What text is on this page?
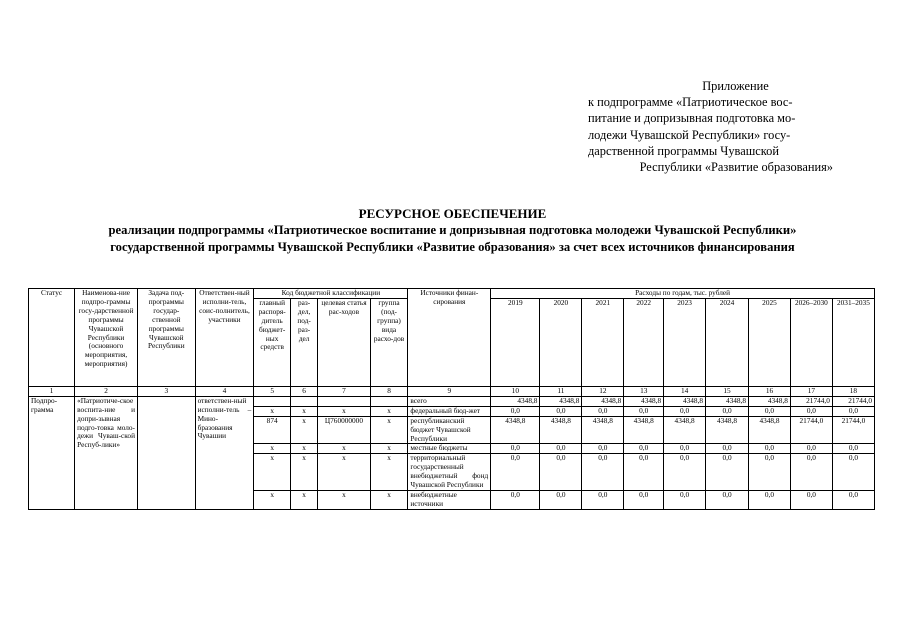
Приложение
к подпрограмме «Патриотическое вос-
питание и допризывная подготовка мо-
лодежи Чувашской Республики» госу-
дарственной программы Чувашской
Республики «Развитие образования»
РЕСУРСНОЕ ОБЕСПЕЧЕНИЕ
реализации подпрограммы «Патриотическое воспитание и допризывная подготовка молодежи Чувашской Республики»
государственной программы Чувашской Республики «Развитие образования» за счет всех источников финансирования
Статус	Наименова-ние подпро-граммы госу-дарственной программы Чувашской Республики (основного мероприятия, мероприятия)	Задача под-программы государ-ственной программы Чувашской Республики	Ответствен-ный исполни-тель, соис-полнитель, участники	Код бюджетной классификации				Источники финан-сирования	Расходы по годам, тыс. рублей								
				главный распоря-дитель бюджет-ных средств	раз-дел, под-раз-дел	целевая статья рас-ходов	группа (под-группа) вида расхо-дов		2019	2020	2021	2022	2023	2024	2025	2026–2030	2031–2035
1	2	3	4	5	6	7	8	9	10	11	12	13	14	15	16	17	18
Подпро-грамма	«Патриотиче-ское воспита-ние и допри-зывная подго-товка моло-дежи Чуваш-ской Респуб-лики»		ответствен-ный исполни-тель – Мино-бразования Чувашии					всего	4348,8	4348,8	4348,8	4348,8	4348,8	4348,8	4348,8	21744,0	21744,0
				x	x	x	x	федеральный бюд-жет	0,0	0,0	0,0	0,0	0,0	0,0	0,0	0,0	0,0
				874	x	Ц760000000	x	республиканский бюджет Чувашской Республики	4348,8	4348,8	4348,8	4348,8	4348,8	4348,8	4348,8	21744,0	21744,0
				x	x	x	x	местные бюджеты	0,0	0,0	0,0	0,0	0,0	0,0	0,0	0,0	0,0
				x	x	x	x	территориальный государственный внебюджетный фонд Чувашской Республики	0,0	0,0	0,0	0,0	0,0	0,0	0,0	0,0	0,0
				x	x	x	x	внебюджетные источники	0,0	0,0	0,0	0,0	0,0	0,0	0,0	0,0	0,0
